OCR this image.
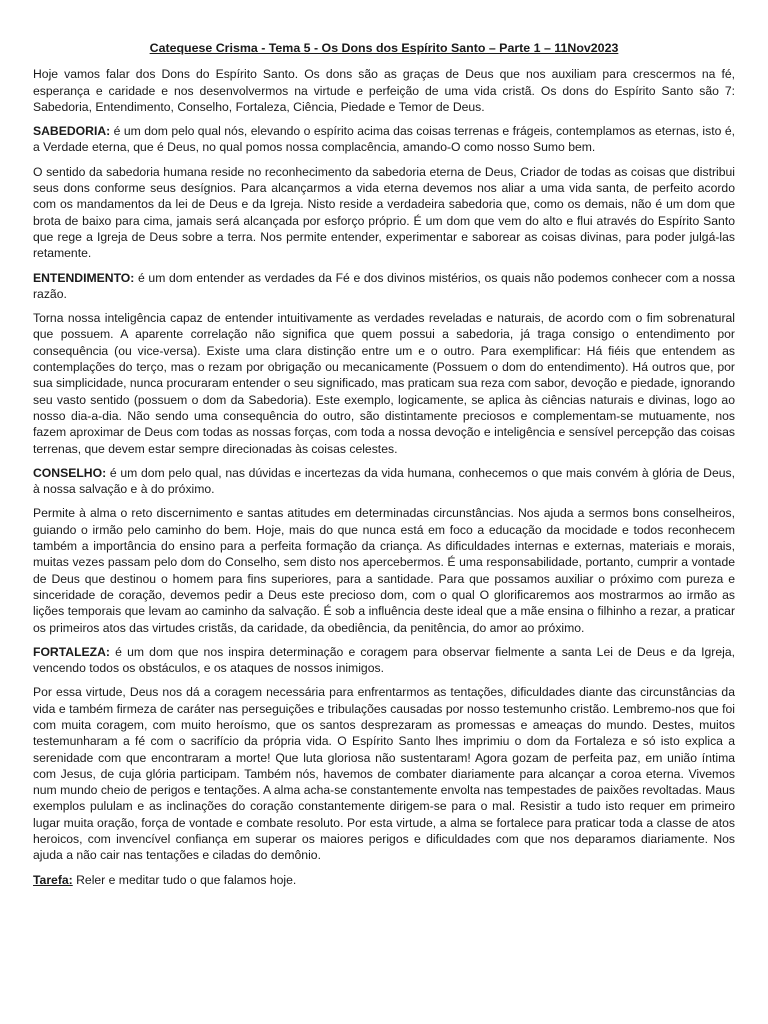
Catequese Crisma - Tema 5 - Os Dons dos Espírito Santo – Parte 1 – 11Nov2023

Hoje vamos falar dos Dons do Espírito Santo. Os dons são as graças de Deus que nos auxiliam para crescermos na fé, esperança e caridade e nos desenvolvermos na virtude e perfeição de uma vida cristã. Os dons do Espírito Santo são 7: Sabedoria, Entendimento, Conselho, Fortaleza, Ciência, Piedade e Temor de Deus.

SABEDORIA: é um dom pelo qual nós, elevando o espírito acima das coisas terrenas e frágeis, contemplamos as eternas, isto é, a Verdade eterna, que é Deus, no qual pomos nossa complacência, amando-O como nosso Sumo bem.

O sentido da sabedoria humana reside no reconhecimento da sabedoria eterna de Deus, Criador de todas as coisas que distribui seus dons conforme seus desígnios. Para alcançarmos a vida eterna devemos nos aliar a uma vida santa, de perfeito acordo com os mandamentos da lei de Deus e da Igreja. Nisto reside a verdadeira sabedoria que, como os demais, não é um dom que brota de baixo para cima, jamais será alcançada por esforço próprio. É um dom que vem do alto e flui através do Espírito Santo que rege a Igreja de Deus sobre a terra. Nos permite entender, experimentar e saborear as coisas divinas, para poder julgá-las retamente.

ENTENDIMENTO: é um dom entender as verdades da Fé e dos divinos mistérios, os quais não podemos conhecer com a nossa razão.

Torna nossa inteligência capaz de entender intuitivamente as verdades reveladas e naturais, de acordo com o fim sobrenatural que possuem. A aparente correlação não significa que quem possui a sabedoria, já traga consigo o entendimento por consequência (ou vice-versa). Existe uma clara distinção entre um e o outro. Para exemplificar: Há fiéis que entendem as contemplações do terço, mas o rezam por obrigação ou mecanicamente (Possuem o dom do entendimento). Há outros que, por sua simplicidade, nunca procuraram entender o seu significado, mas praticam sua reza com sabor, devoção e piedade, ignorando seu vasto sentido (possuem o dom da Sabedoria). Este exemplo, logicamente, se aplica às ciências naturais e divinas, logo ao nosso dia-a-dia. Não sendo uma consequência do outro, são distintamente preciosos e complementam-se mutuamente, nos fazem aproximar de Deus com todas as nossas forças, com toda a nossa devoção e inteligência e sensível percepção das coisas terrenas, que devem estar sempre direcionadas às coisas celestes.

CONSELHO: é um dom pelo qual, nas dúvidas e incertezas da vida humana, conhecemos o que mais convém à glória de Deus, à nossa salvação e à do próximo.

Permite à alma o reto discernimento e santas atitudes em determinadas circunstâncias. Nos ajuda a sermos bons conselheiros, guiando o irmão pelo caminho do bem. Hoje, mais do que nunca está em foco a educação da mocidade e todos reconhecem também a importância do ensino para a perfeita formação da criança. As dificuldades internas e externas, materiais e morais, muitas vezes passam pelo dom do Conselho, sem disto nos apercebermos. É uma responsabilidade, portanto, cumprir a vontade de Deus que destinou o homem para fins superiores, para a santidade. Para que possamos auxiliar o próximo com pureza e sinceridade de coração, devemos pedir a Deus este precioso dom, com o qual O glorificaremos aos mostrarmos ao irmão as lições temporais que levam ao caminho da salvação. É sob a influência deste ideal que a mãe ensina o filhinho a rezar, a praticar os primeiros atos das virtudes cristãs, da caridade, da obediência, da penitência, do amor ao próximo.

FORTALEZA: é um dom que nos inspira determinação e coragem para observar fielmente a santa Lei de Deus e da Igreja, vencendo todos os obstáculos, e os ataques de nossos inimigos.

Por essa virtude, Deus nos dá a coragem necessária para enfrentarmos as tentações, dificuldades diante das circunstâncias da vida e também firmeza de caráter nas perseguições e tribulações causadas por nosso testemunho cristão. Lembremo-nos que foi com muita coragem, com muito heroísmo, que os santos desprezaram as promessas e ameaças do mundo. Destes, muitos testemunharam a fé com o sacrifício da própria vida. O Espírito Santo lhes imprimiu o dom da Fortaleza e só isto explica a serenidade com que encontraram a morte! Que luta gloriosa não sustentaram! Agora gozam de perfeita paz, em união íntima com Jesus, de cuja glória participam. Também nós, havemos de combater diariamente para alcançar a coroa eterna. Vivemos num mundo cheio de perigos e tentações. A alma acha-se constantemente envolta nas tempestades de paixões revoltadas. Maus exemplos pululam e as inclinações do coração constantemente dirigem-se para o mal. Resistir a tudo isto requer em primeiro lugar muita oração, força de vontade e combate resoluto. Por esta virtude, a alma se fortalece para praticar toda a classe de atos heroicos, com invencível confiança em superar os maiores perigos e dificuldades com que nos deparamos diariamente. Nos ajuda a não cair nas tentações e ciladas do demônio.

Tarefa: Reler e meditar tudo o que falamos hoje.
